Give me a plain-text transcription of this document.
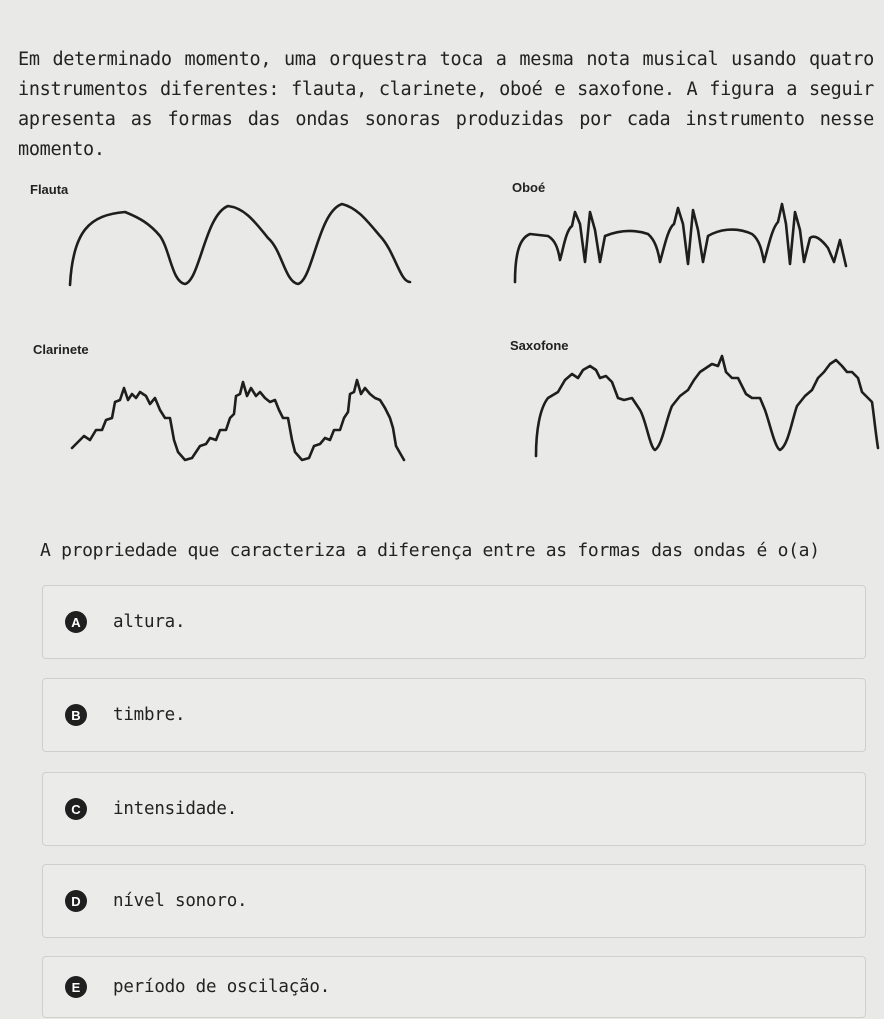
Em determinado momento, uma orquestra toca a mesma nota musical usando quatro instrumentos diferentes: flauta, clarinete, oboé e saxofone. A figura a seguir apresenta as formas das ondas sonoras produzidas por cada instrumento nesse momento.

Flauta	Oboé
Clarinete	Saxofone
A propriedade que caracteriza a diferença entre as formas das ondas é o(a)
A	altura.
B	timbre.
C	intensidade.
D	nível sonoro.
E	período de oscilação.
